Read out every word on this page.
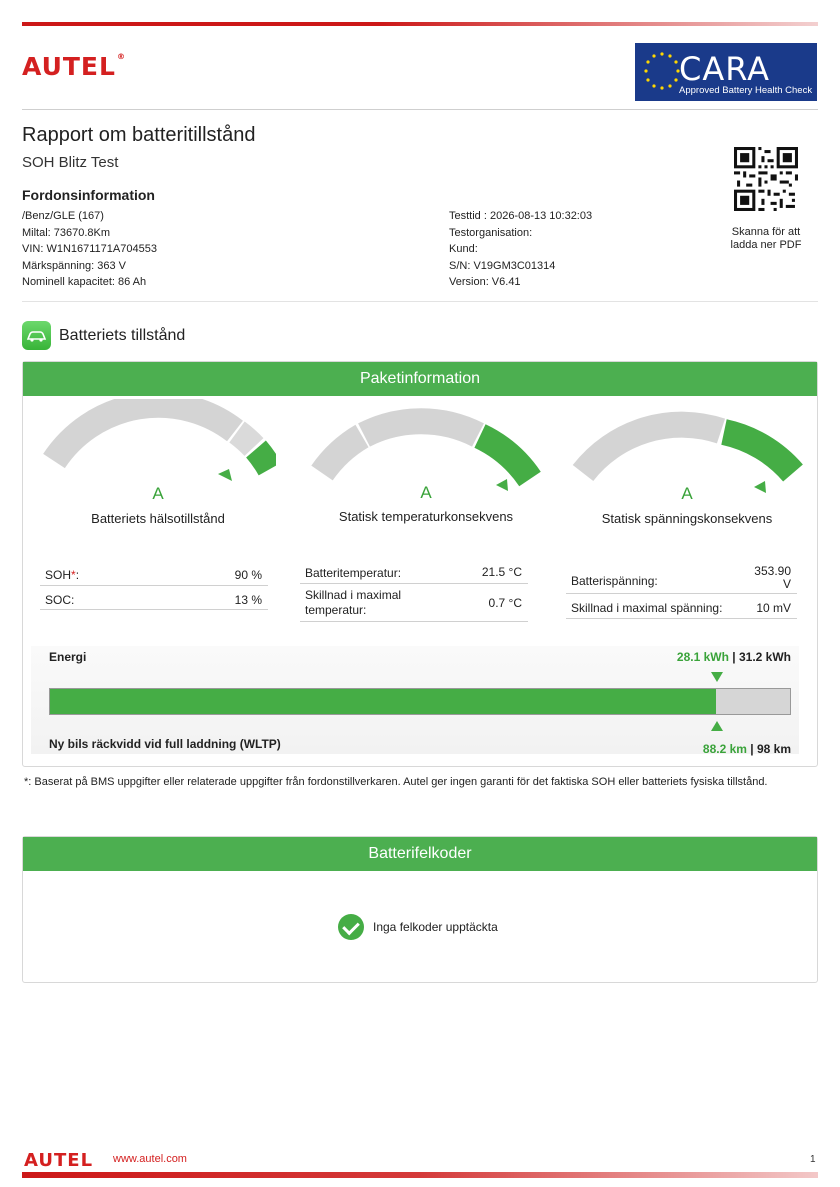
AUTEL®	CARA
Approved Battery Health Check
Rapport om batteritillstånd
SOH Blitz Test
Fordonsinformation
/Benz/GLE (167)
Miltal: 73670.8Km
VIN: W1N1671171A704553
Märkspänning: 363 V
Nominell kapacitet: 86 Ah
Testtid : 2026-08-13 10:32:03
Testorganisation:
Kund:
S/N: V19GM3C01314
Version: V6.41
Skanna för att ladda ner PDF
Batteriets tillstånd
Paketinformation
A
Batteriets hälsotillstånd
A
Statisk temperaturkonsekvens
A
Statisk spänningskonsekvens
SOH*:	90 %
SOC:	13 %
Batteritemperatur:	21.5 °C
Skillnad i maximal
temperatur:	0.7 °C
Batterispänning:
353.90
V
Skillnad i maximal spänning:	10 mV
Energi	28.1 kWh | 31.2 kWh
Ny bils räckvidd vid full laddning (WLTP)	88.2 km | 98 km
*: Baserat på BMS uppgifter eller relaterade uppgifter från fordonstillverkaren. Autel ger ingen garanti för det faktiska SOH eller batteriets fysiska tillstånd.
Batterifelkoder
Inga felkoder upptäckta
AUTEL www.autel.com	1
